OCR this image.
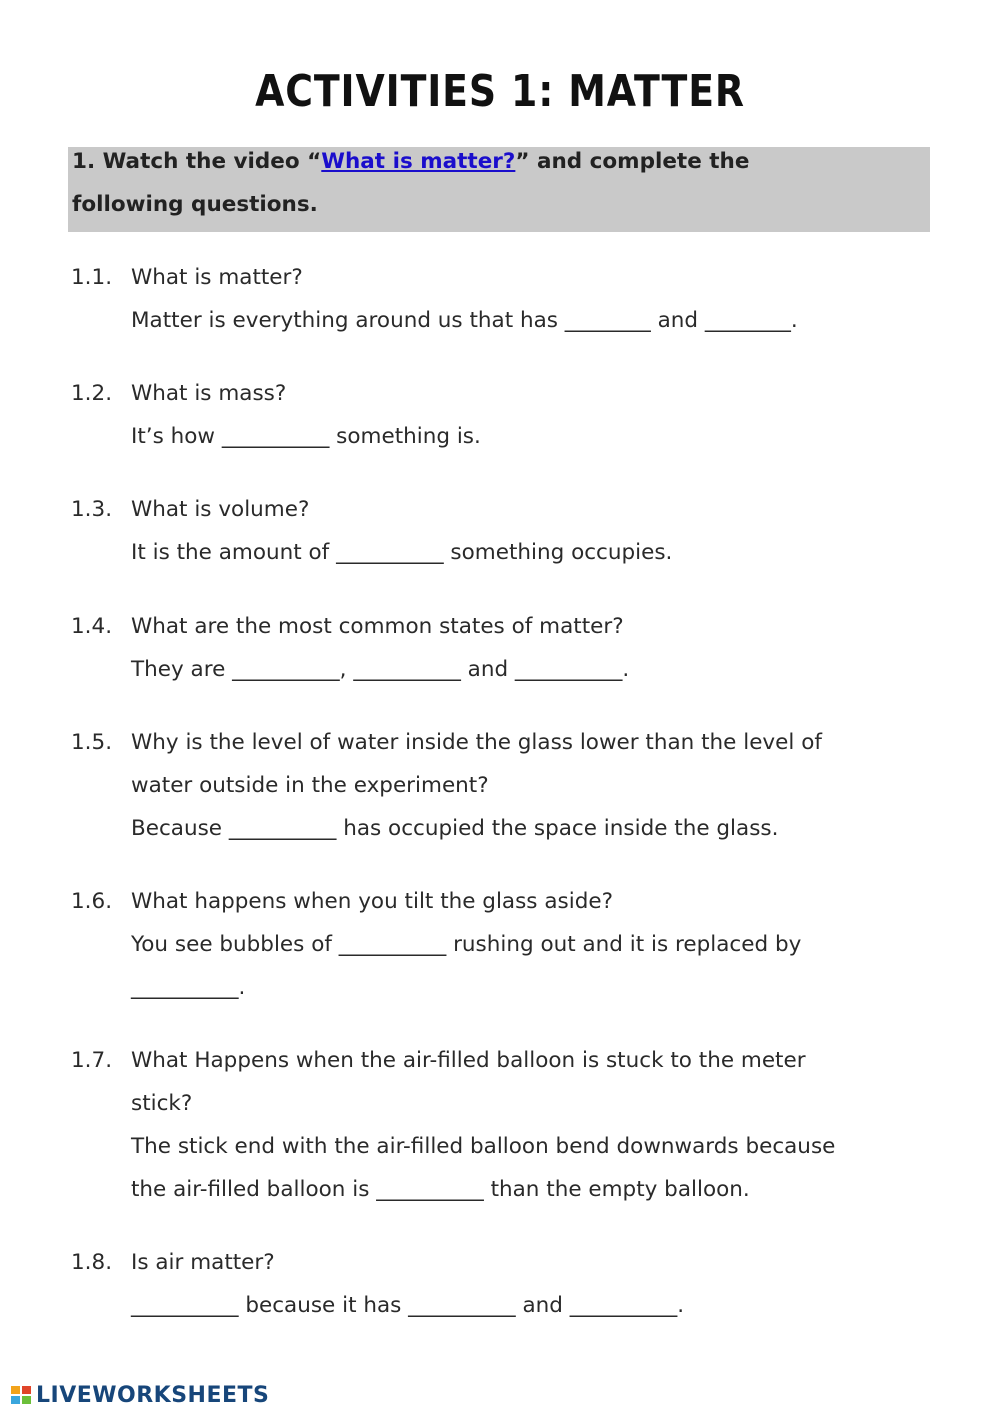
ACTIVITIES 1: MATTER
1. Watch the video “What is matter?” and complete the
following questions.
1.1. What is matter?
Matter is everything around us that has ________ and ________.
1.2. What is mass?
It’s how __________ something is.
1.3. What is volume?
It is the amount of __________ something occupies.
1.4. What are the most common states of matter?
They are __________, __________ and __________.
1.5. Why is the level of water inside the glass lower than the level of
water outside in the experiment?
Because __________ has occupied the space inside the glass.
1.6. What happens when you tilt the glass aside?
You see bubbles of __________ rushing out and it is replaced by
__________.
1.7. What Happens when the air-filled balloon is stuck to the meter
stick?
The stick end with the air-filled balloon bend downwards because
the air-filled balloon is __________ than the empty balloon.
1.8. Is air matter?
__________ because it has __________ and __________.
LIVEWORKSHEETS
